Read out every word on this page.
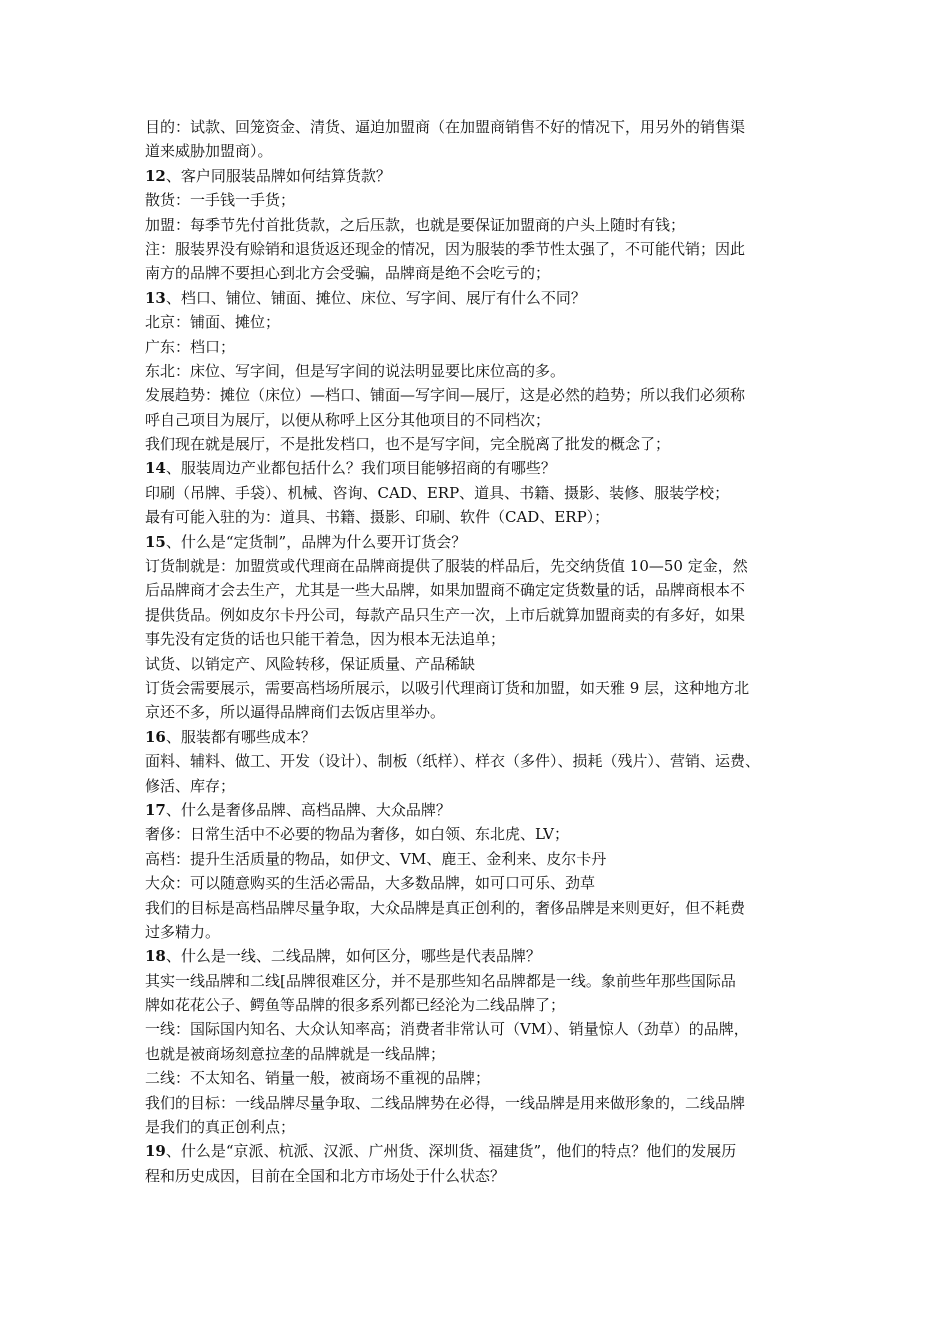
目的：试款、回笼资金、清货、逼迫加盟商（在加盟商销售不好的情况下，用另外的销售渠
道来威胁加盟商）。
12、客户同服装品牌如何结算货款？
散货：一手钱一手货；
加盟：每季节先付首批货款，之后压款，也就是要保证加盟商的户头上随时有钱；
注：服装界没有赊销和退货返还现金的情况，因为服装的季节性太强了，不可能代销；因此
南方的品牌不要担心到北方会受骗，品牌商是绝不会吃亏的；
13、档口、铺位、铺面、摊位、床位、写字间、展厅有什么不同？
北京：铺面、摊位；
广东：档口；
东北：床位、写字间，但是写字间的说法明显要比床位高的多。
发展趋势：摊位（床位）—档口、铺面—写字间—展厅，这是必然的趋势；所以我们必须称
呼自己项目为展厅，以便从称呼上区分其他项目的不同档次；
我们现在就是展厅，不是批发档口，也不是写字间，完全脱离了批发的概念了；
14、服装周边产业都包括什么？我们项目能够招商的有哪些？
印刷（吊牌、手袋）、机械、咨询、CAD、ERP、道具、书籍、摄影、装修、服装学校；
最有可能入驻的为：道具、书籍、摄影、印刷、软件（CAD、ERP）；
15、什么是“定货制”，品牌为什么要开订货会？
订货制就是：加盟赏或代理商在品牌商提供了服装的样品后，先交纳货值 10—50 定金，然
后品牌商才会去生产，尤其是一些大品牌，如果加盟商不确定定货数量的话，品牌商根本不
提供货品。例如皮尔卡丹公司，每款产品只生产一次，上市后就算加盟商卖的有多好，如果
事先没有定货的话也只能干着急，因为根本无法追单；
试货、以销定产、风险转移，保证质量、产品稀缺
订货会需要展示，需要高档场所展示，以吸引代理商订货和加盟，如天雅 9 层，这种地方北
京还不多，所以逼得品牌商们去饭店里举办。
16、服装都有哪些成本？
面料、辅料、做工、开发（设计）、制板（纸样）、样衣（多件）、损耗（残片）、营销、运费、
修活、库存；
17、什么是奢侈品牌、高档品牌、大众品牌？
奢侈：日常生活中不必要的物品为奢侈，如白领、东北虎、LV；
高档：提升生活质量的物品，如伊文、VM、鹿王、金利来、皮尔卡丹
大众：可以随意购买的生活必需品，大多数品牌，如可口可乐、劲草
我们的目标是高档品牌尽量争取，大众品牌是真正创利的，奢侈品牌是来则更好，但不耗费
过多精力。
18、什么是一线、二线品牌，如何区分，哪些是代表品牌？
其实一线品牌和二线[品牌很难区分，并不是那些知名品牌都是一线。象前些年那些国际品
牌如花花公子、鳄鱼等品牌的很多系列都已经沦为二线品牌了；
一线：国际国内知名、大众认知率高；消费者非常认可（VM）、销量惊人（劲草）的品牌，
也就是被商场刻意拉垄的品牌就是一线品牌；
二线：不太知名、销量一般，被商场不重视的品牌；
我们的目标：一线品牌尽量争取、二线品牌势在必得，一线品牌是用来做形象的，二线品牌
是我们的真正创利点；
19、什么是“京派、杭派、汉派、广州货、深圳货、福建货”，他们的特点？他们的发展历
程和历史成因，目前在全国和北方市场处于什么状态？
